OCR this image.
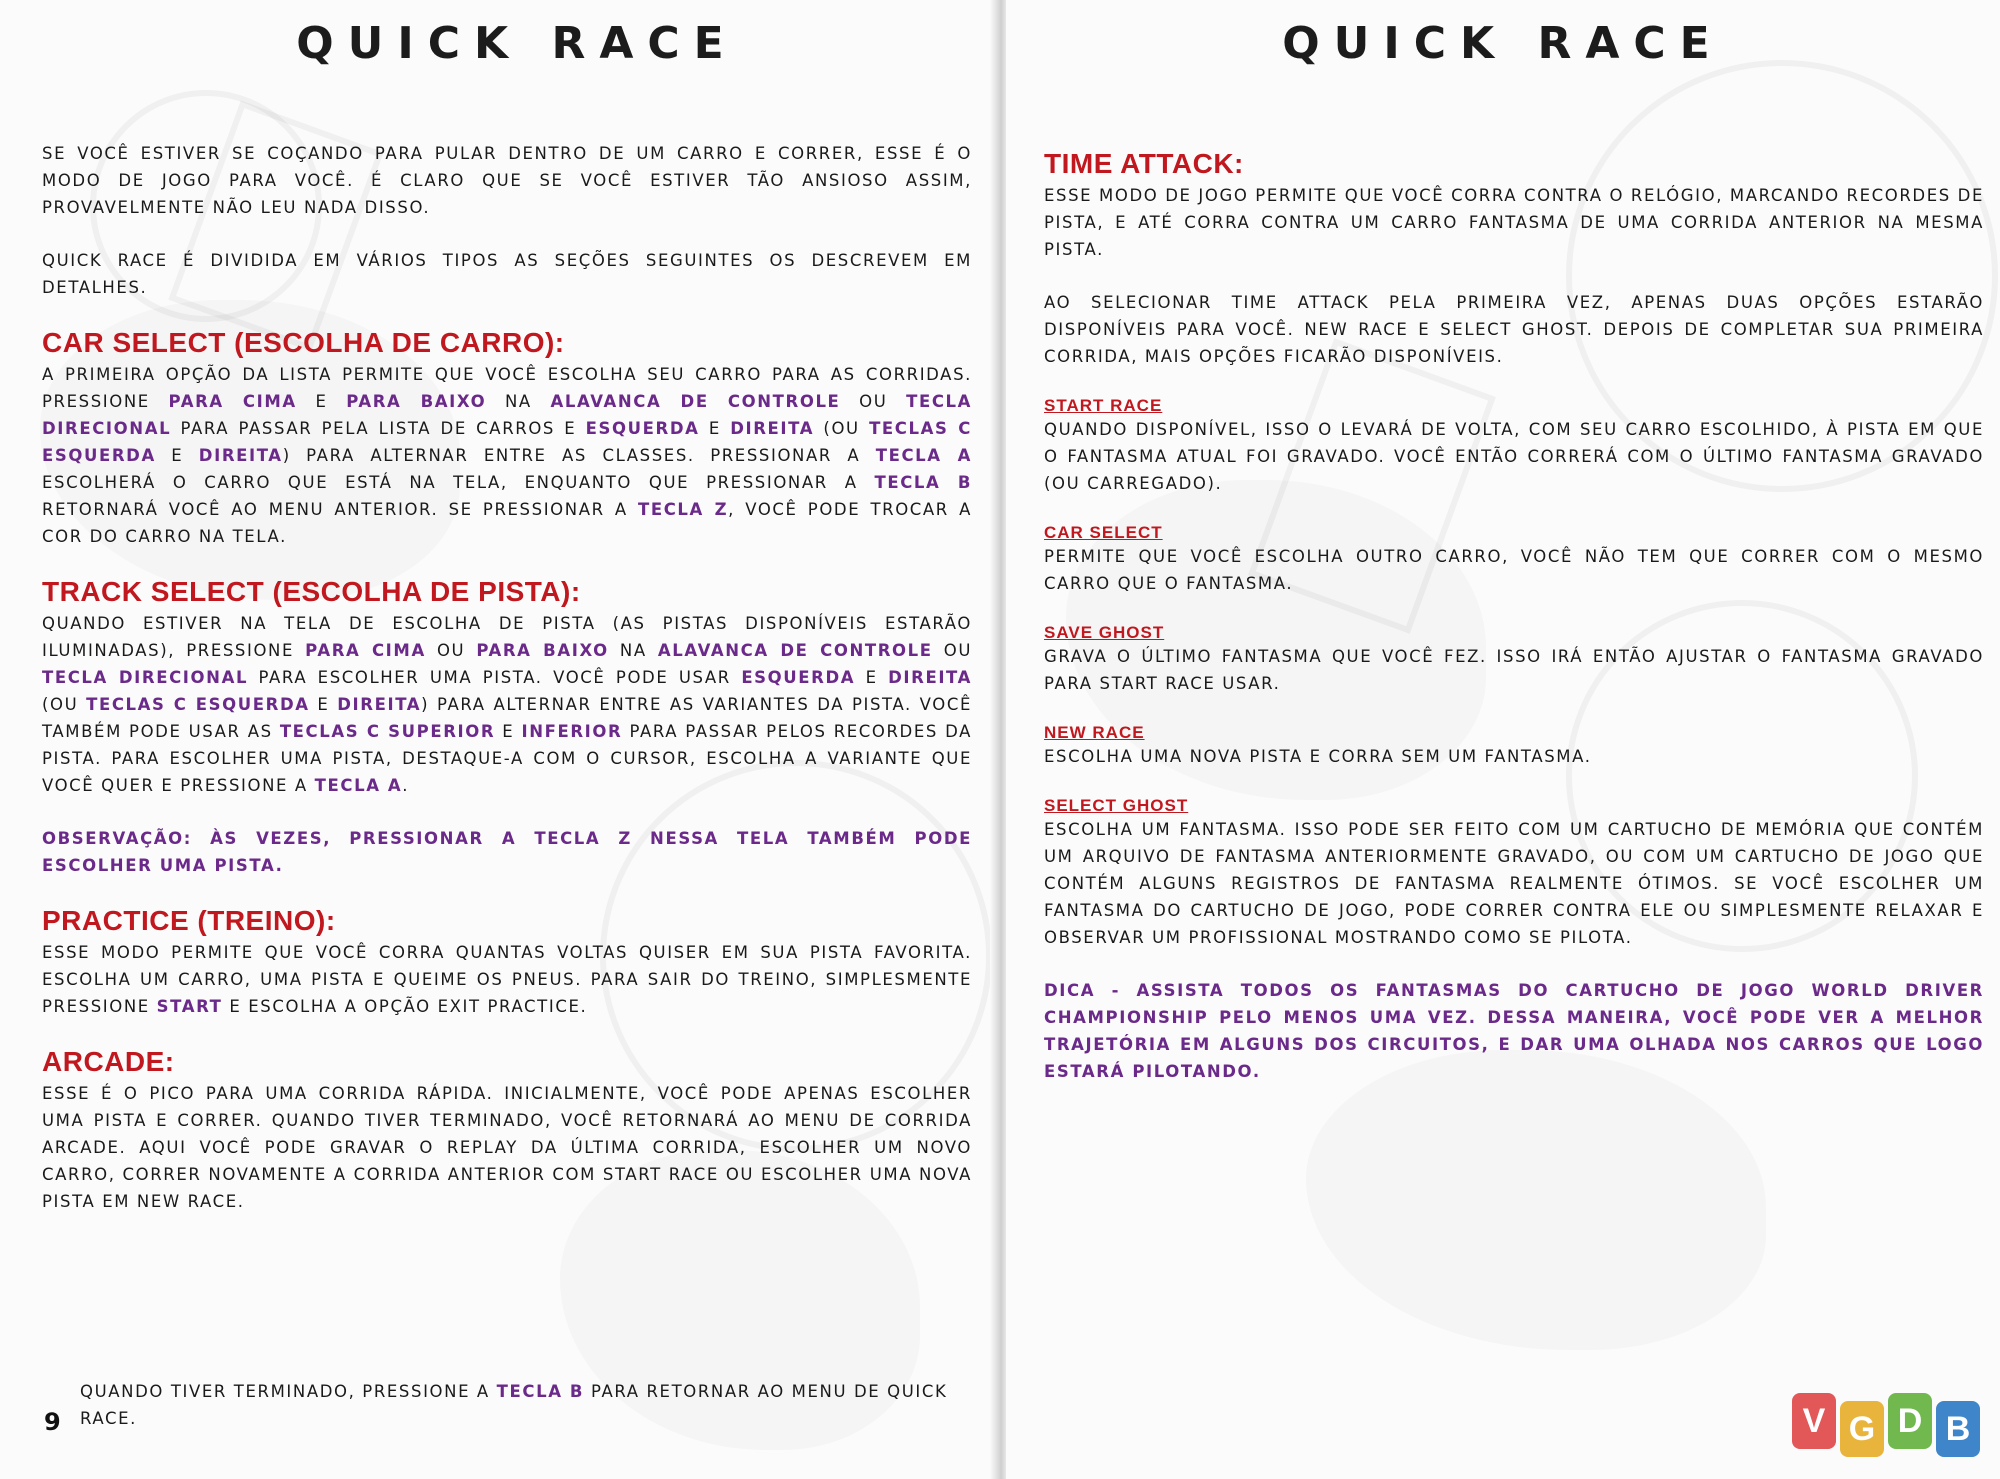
QUICK RACE

SE VOCÊ ESTIVER SE COÇANDO PARA PULAR DENTRO DE UM CARRO E CORRER, ESSE É O MODO DE JOGO PARA VOCÊ. É CLARO QUE SE VOCÊ ESTIVER TÃO ANSIOSO ASSIM, PROVAVELMENTE NÃO LEU NADA DISSO.

QUICK RACE É DIVIDIDA EM VÁRIOS TIPOS AS SEÇÕES SEGUINTES OS DESCREVEM EM DETALHES.

CAR SELECT (ESCOLHA DE CARRO):

A PRIMEIRA OPÇÃO DA LISTA PERMITE QUE VOCÊ ESCOLHA SEU CARRO PARA AS CORRIDAS. PRESSIONE PARA CIMA E PARA BAIXO NA ALAVANCA DE CONTROLE OU TECLA DIRECIONAL PARA PASSAR PELA LISTA DE CARROS E ESQUERDA E DIREITA (OU TECLAS C ESQUERDA E DIREITA) PARA ALTERNAR ENTRE AS CLASSES. PRESSIONAR A TECLA A ESCOLHERÁ O CARRO QUE ESTÁ NA TELA, ENQUANTO QUE PRESSIONAR A TECLA B RETORNARÁ VOCÊ AO MENU ANTERIOR. SE PRESSIONAR A TECLA Z, VOCÊ PODE TROCAR A COR DO CARRO NA TELA.

TRACK SELECT (ESCOLHA DE PISTA):

QUANDO ESTIVER NA TELA DE ESCOLHA DE PISTA (AS PISTAS DISPONÍVEIS ESTARÃO ILUMINADAS), PRESSIONE PARA CIMA OU PARA BAIXO NA ALAVANCA DE CONTROLE OU TECLA DIRECIONAL PARA ESCOLHER UMA PISTA. VOCÊ PODE USAR ESQUERDA E DIREITA (OU TECLAS C ESQUERDA E DIREITA) PARA ALTERNAR ENTRE AS VARIANTES DA PISTA. VOCÊ TAMBÉM PODE USAR AS TECLAS C SUPERIOR E INFERIOR PARA PASSAR PELOS RECORDES DA PISTA. PARA ESCOLHER UMA PISTA, DESTAQUE-A COM O CURSOR, ESCOLHA A VARIANTE QUE VOCÊ QUER E PRESSIONE A TECLA A.

OBSERVAÇÃO: ÀS VEZES, PRESSIONAR A TECLA Z NESSA TELA TAMBÉM PODE ESCOLHER UMA PISTA.

PRACTICE (TREINO):

ESSE MODO PERMITE QUE VOCÊ CORRA QUANTAS VOLTAS QUISER EM SUA PISTA FAVORITA. ESCOLHA UM CARRO, UMA PISTA E QUEIME OS PNEUS. PARA SAIR DO TREINO, SIMPLESMENTE PRESSIONE START E ESCOLHA A OPÇÃO EXIT PRACTICE.

ARCADE:

ESSE É O PICO PARA UMA CORRIDA RÁPIDA. INICIALMENTE, VOCÊ PODE APENAS ESCOLHER UMA PISTA E CORRER. QUANDO TIVER TERMINADO, VOCÊ RETORNARÁ AO MENU DE CORRIDA ARCADE. AQUI VOCÊ PODE GRAVAR O REPLAY DA ÚLTIMA CORRIDA, ESCOLHER UM NOVO CARRO, CORRER NOVAMENTE A CORRIDA ANTERIOR COM START RACE OU ESCOLHER UMA NOVA PISTA EM NEW RACE.

QUANDO TIVER TERMINADO, PRESSIONE A TECLA B PARA RETORNAR AO MENU DE QUICK RACE.
9
QUICK RACE
TIME ATTACK:

ESSE MODO DE JOGO PERMITE QUE VOCÊ CORRA CONTRA O RELÓGIO, MARCANDO RECORDES DE PISTA, E ATÉ CORRA CONTRA UM CARRO FANTASMA DE UMA CORRIDA ANTERIOR NA MESMA PISTA.

AO SELECIONAR TIME ATTACK PELA PRIMEIRA VEZ, APENAS DUAS OPÇÕES ESTARÃO DISPONÍVEIS PARA VOCÊ. NEW RACE E SELECT GHOST. DEPOIS DE COMPLETAR SUA PRIMEIRA CORRIDA, MAIS OPÇÕES FICARÃO DISPONÍVEIS.

START RACE

QUANDO DISPONÍVEL, ISSO O LEVARÁ DE VOLTA, COM SEU CARRO ESCOLHIDO, À PISTA EM QUE O FANTASMA ATUAL FOI GRAVADO. VOCÊ ENTÃO CORRERÁ COM O ÚLTIMO FANTASMA GRAVADO (OU CARREGADO).

CAR SELECT

PERMITE QUE VOCÊ ESCOLHA OUTRO CARRO, VOCÊ NÃO TEM QUE CORRER COM O MESMO CARRO QUE O FANTASMA.

SAVE GHOST

GRAVA O ÚLTIMO FANTASMA QUE VOCÊ FEZ. ISSO IRÁ ENTÃO AJUSTAR O FANTASMA GRAVADO PARA START RACE USAR.

NEW RACE

ESCOLHA UMA NOVA PISTA E CORRA SEM UM FANTASMA.

SELECT GHOST

ESCOLHA UM FANTASMA. ISSO PODE SER FEITO COM UM CARTUCHO DE MEMÓRIA QUE CONTÉM UM ARQUIVO DE FANTASMA ANTERIORMENTE GRAVADO, OU COM UM CARTUCHO DE JOGO QUE CONTÉM ALGUNS REGISTROS DE FANTASMA REALMENTE ÓTIMOS. SE VOCÊ ESCOLHER UM FANTASMA DO CARTUCHO DE JOGO, PODE CORRER CONTRA ELE OU SIMPLESMENTE RELAXAR E OBSERVAR UM PROFISSIONAL MOSTRANDO COMO SE PILOTA.

DICA - ASSISTA TODOS OS FANTASMAS DO CARTUCHO DE JOGO WORLD DRIVER CHAMPIONSHIP PELO MENOS UMA VEZ. DESSA MANEIRA, VOCÊ PODE VER A MELHOR TRAJETÓRIA EM ALGUNS DOS CIRCUITOS, E DAR UMA OLHADA NOS CARROS QUE LOGO ESTARÁ PILOTANDO.

V G D B
